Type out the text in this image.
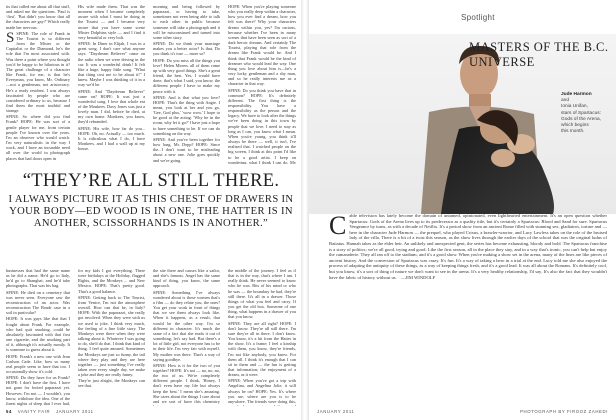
its that called me about all that stuff, and asked me the questions. 'Paul is ‘first'. 'But didn't you know that all the characters are gay?' Which really made her nervous.

SSPINE: The role of Frank in The Tourist is so different from the Mister or the Capitalist or the Diamond, he's the role that I'm most associated with. Was there a point where you thought you'd be happy to be hilarious in it? The great challenge of a character like Frank, for me, is that he's Everyman, you know, Mr. Ordinary—not a gentleman, not aristocracy. He's a ready resident. I was always fascinated by people who are considered ordinary to us, because I find them the most truthful and strange.

SPINE: So where did you find Frank? HOPE: He was sort of a gentle player for me, from certain people I've known over the years. I'm an observer who would watch. I'm very naturalistic in the way I work, and I have an incurable need all over the world in photograph places that had doors open in

His wife made them. That was the moment when I became completely aware with what I must be doing in the Tourist — and I became very aware that you have some scene Mister Dolphins style — and I find it very beautiful or very bolt.

SPINE: In Diner in Elijah, I was in a great song. I don't care what anyone says. "Daydream Believer" came on the radio when we were driving in the car. It was a wonderful drink! It felt like a huge, happy little song. "What that thing cost me to be about it!" I knew. Maybe I was thinking of it in a way we'd be.

SPINE: And "Daydream Believer" came on? HOPE: It was just a wonderful song. I love that whole era of the Monkees. Davy Jones was just a lovely man. I did, before he died, at my own home. Monkees, you know, they'd rebranded.

SPINE: His wife, how far do you... HOPE: Oh, no. Actually — too much. It is ridiculous what I do, I have Monkees, and I had a wall up at my house.

morning and being followed by paparazzi, or having to take, sometimes not even being able to talk to each other in public because someone will take a photograph and it will be misconstrued and turned into some other story.

SPINE: Do we think your marriage makes you a better actor? Is that, Do you think it's true — more so?

HOPE: Do you miss all the things you love? Helen Mirren, all of them came up with very good things. She's a great friend, the best. Yes, I would have done, that's what I said, you know, the different people I have to make my peace with it.

SPINE: And is that what you love? HOPE: That's the thing with Angie. I mean, you look at her and you go, 'Gee, God plus,' 'wow wow.' I hope to be good at the acting. 'Why be in the room, why let it go?' I have just a hope to have something to be. If we can do something on the way.

SPINE: And you've been together for how long, Mr. Depp? HOPE: Since the...I don't want to be misleading about a new one. Jolie goes quickly and we're going.

HOPE: When you're playing someone who you really deep within a character, how you ever find a dream, how you felt was there? Why your characters dream within you, yes? I'm curious, because whether I've been in many scenes that have been seen as sort of a dark heroic dreams. And certainly The Tourist, playing that role from the dream like Frank would be. And I think that Frank would be the kind of dreamer who would lead the way. One thing you love about him is—he's a very lucky gentleman and a shy man, and so he really interests me as a character in that way.

SPINE: Do you think you have that in common? HOPE: It's definitely different. The first thing is the responsibility. You have a responsibility as the person and the legacy. We have to look after the things we've been doing in this town by people that we love. I need to stay as long as I can, you know what I mean. When you're young, you think it'll always be there — well, it isn't, I've realized that. I watched people on the big screen, I think at this point I'd like to be a good artist. I keep on wondering, what I think I can do. My

“THEY’RE ALL STILL THERE.
I ALWAYS PICTURE IT AS THIS CHEST OF DRAWERS IN YOUR BODY—ED WOOD IS IN ONE, THE HATTER IS IN ANOTHER, SCISSORHANDS IS IN ANOTHER.”

businesses that had the same name as he did a name. He'd go to Italy, he'd go to Shanghai, and he'd take photographs. That was his bag.

SPINE: He died on a cemetery that was never seen. Everyone saw the reconstruction of an actor. Was reconstruction The Boudr case in a soil in particular?

HOPE: It was guys like that that I fought about Frank. For example, who had quit smoking, could be absolutely fascinated with that first one cigarette, and the smoking part of it, although it's actually mostly. It is someone to guess about it.

HOPE: Frank's a new one with Jean Carlson Cade. Like, how so many real people seem to have that too. I occasionally show it's cold.

SPINE: Do they have for us Frank? HOPE: I don't have the first. I have not gone for footed paparazzi yet. However, I'm not — I wouldn't, you know, withdraw the idea. One of the finest nights of sleep that I ever had,

for my kids I got everything. There were birthdays at the Holiday, flagged Rights, and the Monkeys ... and New Mexico. HOPE: That's pretty good. That's a good balance.

SPINE: Getting back to The Tourist, from Venice, I'm not the atmosphere overall. How can that be, in Italy? HOPE: With the paparazzi, she really got involved. When they were with us we used to joke, I think very much, the feeling of a fine little story. The Monkeys were there when they were talking about it. Whatever I was going to do, she'd do that. I think that kind of thing. I feel quite amused. Sometimes the Monkeys are just so funny, the tail where they play and they are here together — just something I've really taken over every single day, we make a joke and they are really funny.

They're just alright, the Monkeys can see that.

the site there and causes like a sailor, and she's famous. Angel has the same kind of thing, you know, the same approach.

SPINE: Something I've always wondered about is these women that's a film — do they relate you, the ones? You get your work in front of things that we see them always look like. When it happens, as a result, that would be the other way. I'm so different in character. It's much the same of a fact that she reads it out of something, let's say bad. But there's a lot of little girl, not everyone has to be in their life. I'm very fair with myself. My mother was there. That's a way of saying goodbye.

SPINE: How is it for the two of you together? HOPE: It's not — no, no, no, the two of us. We're completely different people. I think, 'Honey, I don't even have my life but always keep the best.' I mean she's amazing. She cares about the things I care about and we sort of have this chemistry

the middle of the journey. I feel as if that is in the way, that's where I am. I really think. He never seemed to know who he was. Bits of his mind or who he was — the boundary he had, they're still there. It's all in a drawer. Those things of what you feel and carry. If you get the old box. Someone of one thing, what happens in a drawer of you that you know.

SPINE: They are all right? HOPE: I don't know. They're all still there. I'm sure they're all in there. I don't know. You know, it's a bit from the Hatter in the show. It's a frame; I feel a kinship with them, you know, they're friends, I'm not like anybody, you know. For them all. I think it's enough that I can sit in them and — the fun is getting that information; the enjoyment of a dream, as it were.

SPINE: When you've got a trip with Angelina, and Angelina Jolie, it will always be on? HOPE: Yes. It's where you are, where are you is to be anywhere. The friends were doing this,

54 VANITY FAIR JANUARY 2011
Spotlight
MASTERS OF THE B.C. UNIVERSE
Jude Harmon
and
Ionia Unifan,
stars of Spartacus:
Gods of the Arena,
which begins
this month.
C able television has lately become the domain of untamed, opinionated, even lighthearted entertainment. It's an open question whether Spartacus: Gods of the Arena lives up to its predecessor as a quality title, but it's certainly a Spartacus: Blood and Sand for sure. Spartacus Vengeance by turns, as with a decade of Netflix. It's a period show from an ancient Rome filled with stunning sex, gladiators, torture and — here in the character Jude Harmon — the prequel, who played Crixus, a brawler-warrior, and Lucy Lawless takes on the role of the bruised lady of the villa. There is a bit of a twist this season, as the show lives through the earlier days of the school that was the original ludus of Batiatus. Hannah takes as the elder heir. An unlikely and unexpected gent, the series has become exhausting, bloody and bold. The Spartacus franchise is a story of politics; we're all good, trying and good. Like the first season, all in the place they stay, and in a way that's ironic, you can't help but enjoy the camaraderie. They all ran off to the stadium, and it's a good show. When you're making a show set in the arena, many of the lines are like pieces of ancient history. And the conversion of Spartacus was crazy. It's fun. It's a way of taking a hero in a trial at the end. Lucy told me she also enjoyed the process of adapting the antiquity of these things, as a way of keeping things fresh, and it's a good lead. It was all about the Romans. It's definitely cool, but you know, it's a sort of thing of nature we don't want to see in the arena. It's a very healthy relationship, I'd say. It's also the fact that they wouldn't have the fabric of history without us. —JIM WINDOLF
JANUARY 2011	PHOTOGRAPH BY FIROOZ ZAHEDI
